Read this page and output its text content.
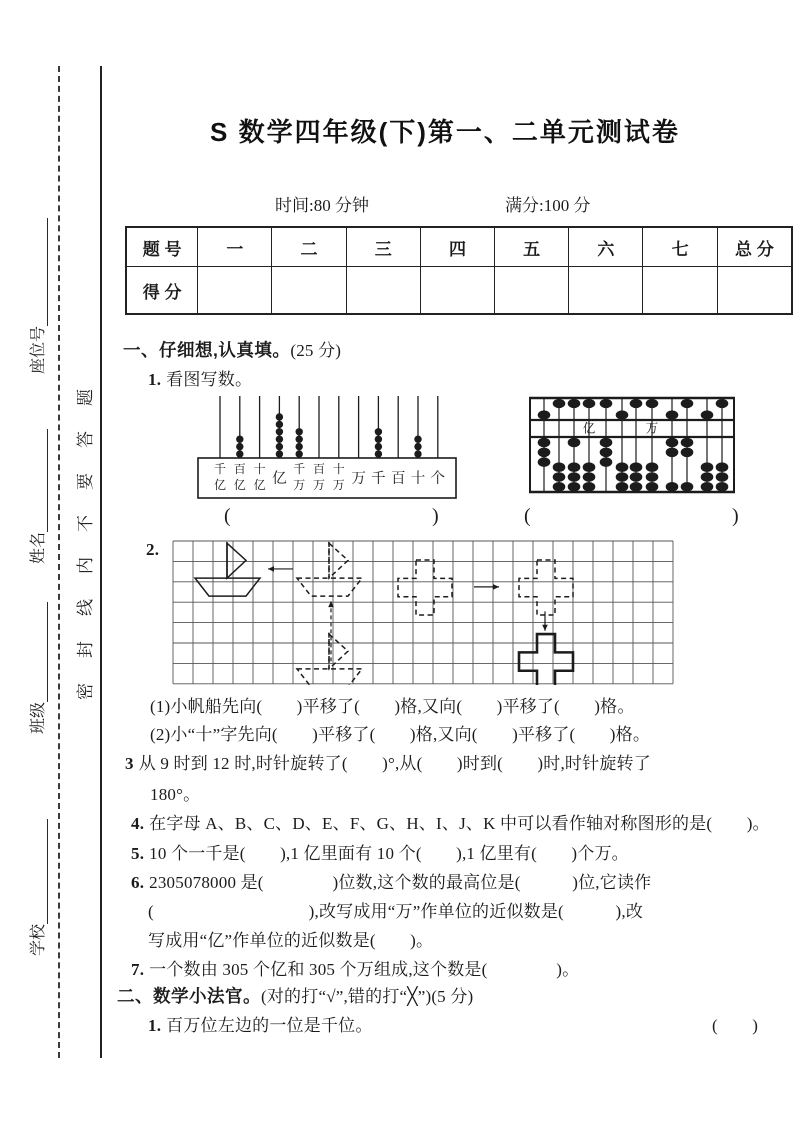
学校
班级
姓名
座位号
密封线内不要答题
S 数学四年级(下)第一、二单元测试卷
时间:80 分钟	满分:100 分
题 号	一	二	三	四	五	六	七	总 分
得 分								
一、仔细想,认真填。(25 分)
1. 看图写数。
千
亿
百
亿
十
亿 亿
千
万
百
万
十
万 万 千 百 十 个
亿	万
(	)	(	)
2.
(1)小帆船先向(　　)平移了(　　)格,又向(　　)平移了(　　)格。
(2)小“十”字先向(　　)平移了(　　)格,又向(　　)平移了(　　)格。
3 从 9 时到 12 时,时针旋转了(　　)°,从(　　)时到(　　)时,时针旋转了
180°。
4. 在字母 A、B、C、D、E、F、G、H、I、J、K 中可以看作轴对称图形的是(　　)。
5. 10 个一千是(　　),1 亿里面有 10 个(　　),1 亿里有(　　)个万。
6. 2305078000 是(　　　　)位数,这个数的最高位是(　　　)位,它读作
(　　　　　　　　　),改写成用“万”作单位的近似数是(　　　),改
写成用“亿”作单位的近似数是(　　)。
7. 一个数由 305 个亿和 305 个万组成,这个数是(　　　　)。
二、数学小法官。(对的打“√”,错的打“╳”)(5 分)
1. 百万位左边的一位是千位。	(　　)
